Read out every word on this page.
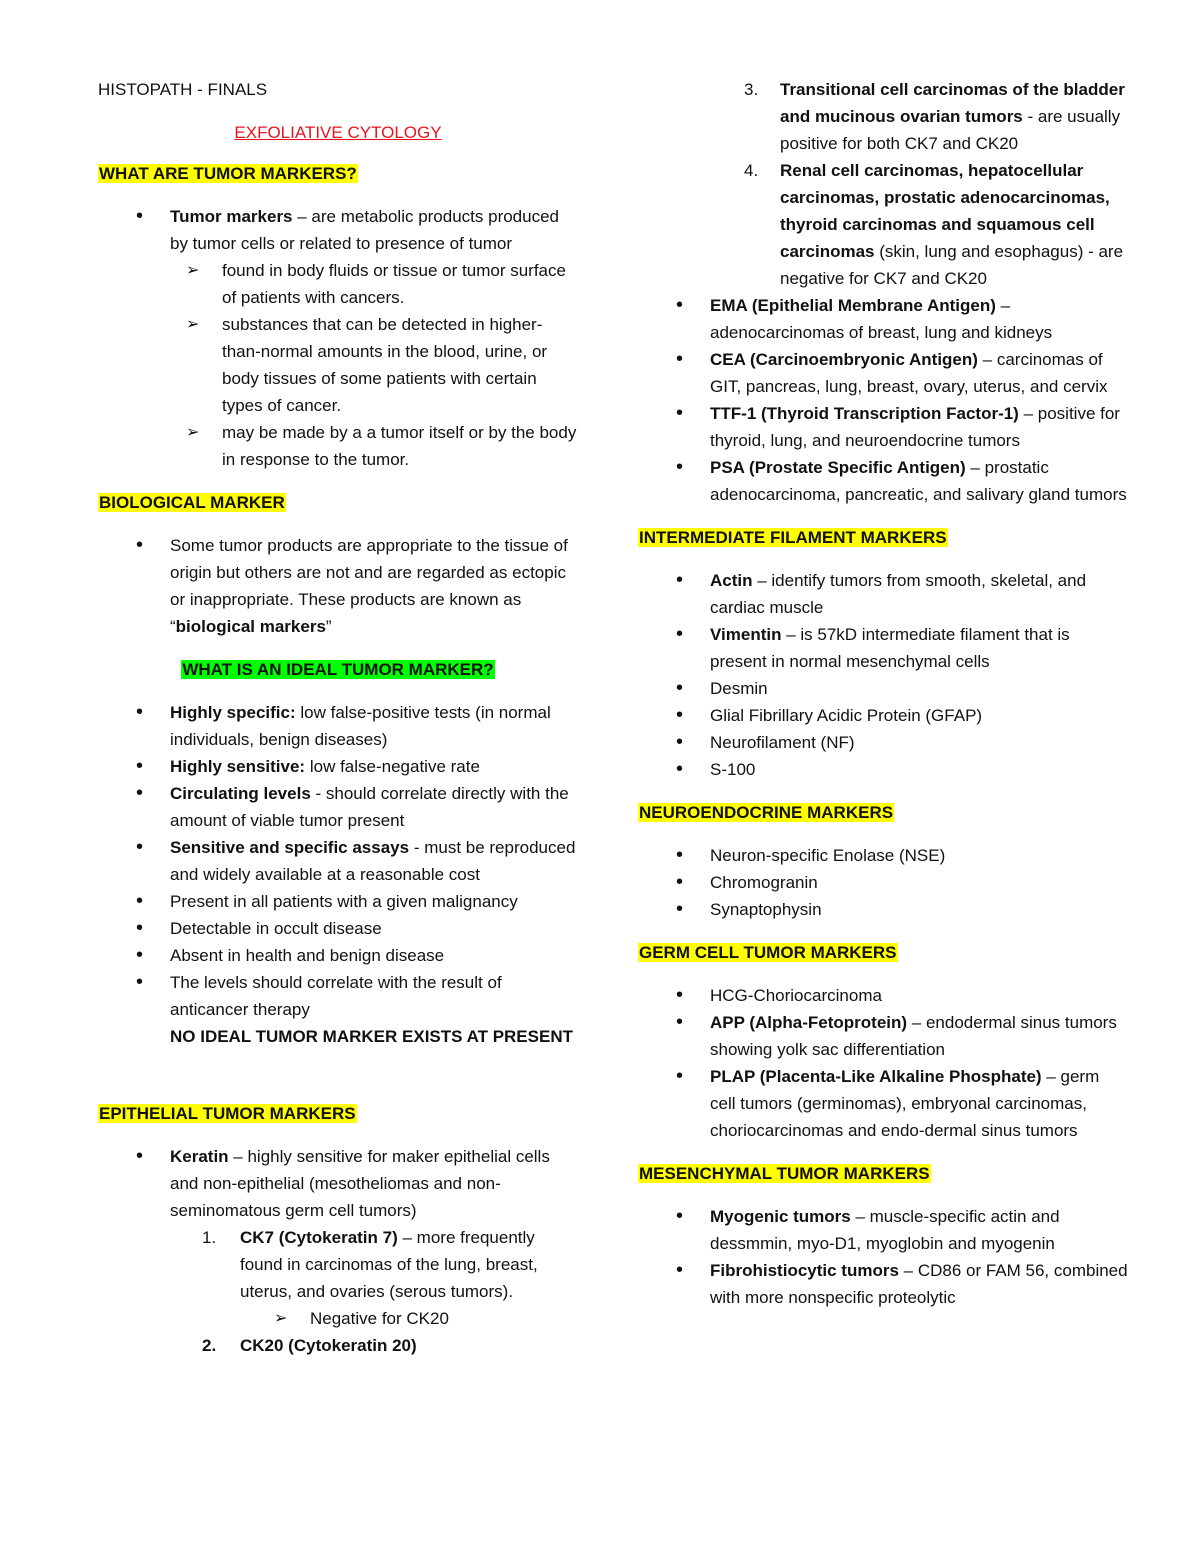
HISTOPATH - FINALS

EXFOLIATIVE CYTOLOGY

WHAT ARE TUMOR MARKERS?

• Tumor markers – are metabolic products produced by tumor cells or related to presence of tumor
➢ found in body fluids or tissue or tumor surface of patients with cancers.
➢ substances that can be detected in higher-than-normal amounts in the blood, urine, or body tissues of some patients with certain types of cancer.
➢ may be made by a a tumor itself or by the body in response to the tumor.

BIOLOGICAL MARKER

• Some tumor products are appropriate to the tissue of origin but others are not and are regarded as ectopic or inappropriate. These products are known as “biological markers”

WHAT IS AN IDEAL TUMOR MARKER?

• Highly specific: low false-positive tests (in normal individuals, benign diseases)
• Highly sensitive: low false-negative rate
• Circulating levels - should correlate directly with the amount of viable tumor present
• Sensitive and specific assays - must be reproduced and widely available at a reasonable cost
• Present in all patients with a given malignancy
• Detectable in occult disease
• Absent in health and benign disease
• The levels should correlate with the result of anticancer therapy

NO IDEAL TUMOR MARKER EXISTS AT PRESENT

EPITHELIAL TUMOR MARKERS

• Keratin – highly sensitive for maker epithelial cells and non-epithelial (mesotheliomas and non-seminomatous germ cell tumors)
1. CK7 (Cytokeratin 7) – more frequently found in carcinomas of the lung, breast, uterus, and ovaries (serous tumors).
➢ Negative for CK20
2. CK20 (Cytokeratin 20)
3. Transitional cell carcinomas of the bladder and mucinous ovarian tumors - are usually positive for both CK7 and CK20
4. Renal cell carcinomas, hepatocellular carcinomas, prostatic adenocarcinomas, thyroid carcinomas and squamous cell carcinomas (skin, lung and esophagus) - are negative for CK7 and CK20
• EMA (Epithelial Membrane Antigen) – adenocarcinomas of breast, lung and kidneys
• CEA (Carcinoembryonic Antigen) – carcinomas of GIT, pancreas, lung, breast, ovary, uterus, and cervix
• TTF-1 (Thyroid Transcription Factor-1) – positive for thyroid, lung, and neuroendocrine tumors
• PSA (Prostate Specific Antigen) – prostatic adenocarcinoma, pancreatic, and salivary gland tumors

INTERMEDIATE FILAMENT MARKERS

• Actin – identify tumors from smooth, skeletal, and cardiac muscle
• Vimentin – is 57kD intermediate filament that is present in normal mesenchymal cells
• Desmin
• Glial Fibrillary Acidic Protein (GFAP)
• Neurofilament (NF)
• S-100

NEUROENDOCRINE MARKERS

• Neuron-specific Enolase (NSE)
• Chromogranin
• Synaptophysin

GERM CELL TUMOR MARKERS

• HCG-Choriocarcinoma
• APP (Alpha-Fetoprotein) – endodermal sinus tumors showing yolk sac differentiation
• PLAP (Placenta-Like Alkaline Phosphate) – germ cell tumors (germinomas), embryonal carcinomas, choriocarcinomas and endo-dermal sinus tumors

MESENCHYMAL TUMOR MARKERS

• Myogenic tumors – muscle-specific actin and dessmmin, myo-D1, myoglobin and myogenin
• Fibrohistiocytic tumors – CD86 or FAM 56, combined with more nonspecific proteolytic
